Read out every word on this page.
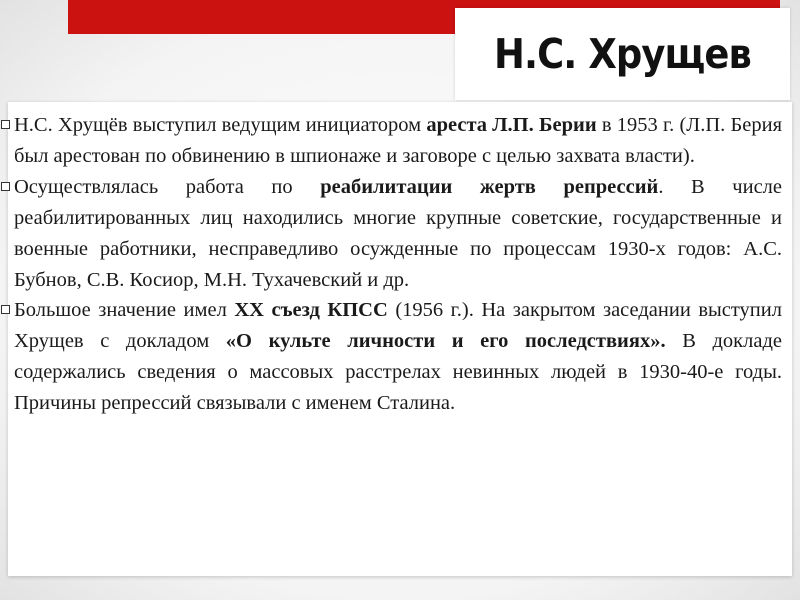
Н.С. Хрущев
Н.С. Хрущёв выступил ведущим инициатором ареста Л.П. Берии в 1953 г. (Л.П. Берия был арестован по обвинению в шпионаже и заговоре с целью захвата власти).
Осуществлялась работа по реабилитации жертв репрессий. В числе реабилитированных лиц находились многие крупные советские, государственные и военные работники, несправедливо осужденные по процессам 1930-х годов: А.С. Бубнов, С.В. Косиор, М.Н. Тухачевский и др.
Большое значение имел XX съезд КПСС (1956 г.). На закрытом заседании выступил Хрущев с докладом «О культе личности и его последствиях». В докладе содержались сведения о массовых расстрелах невинных людей в 1930-40-е годы. Причины репрессий связывали с именем Сталина.
